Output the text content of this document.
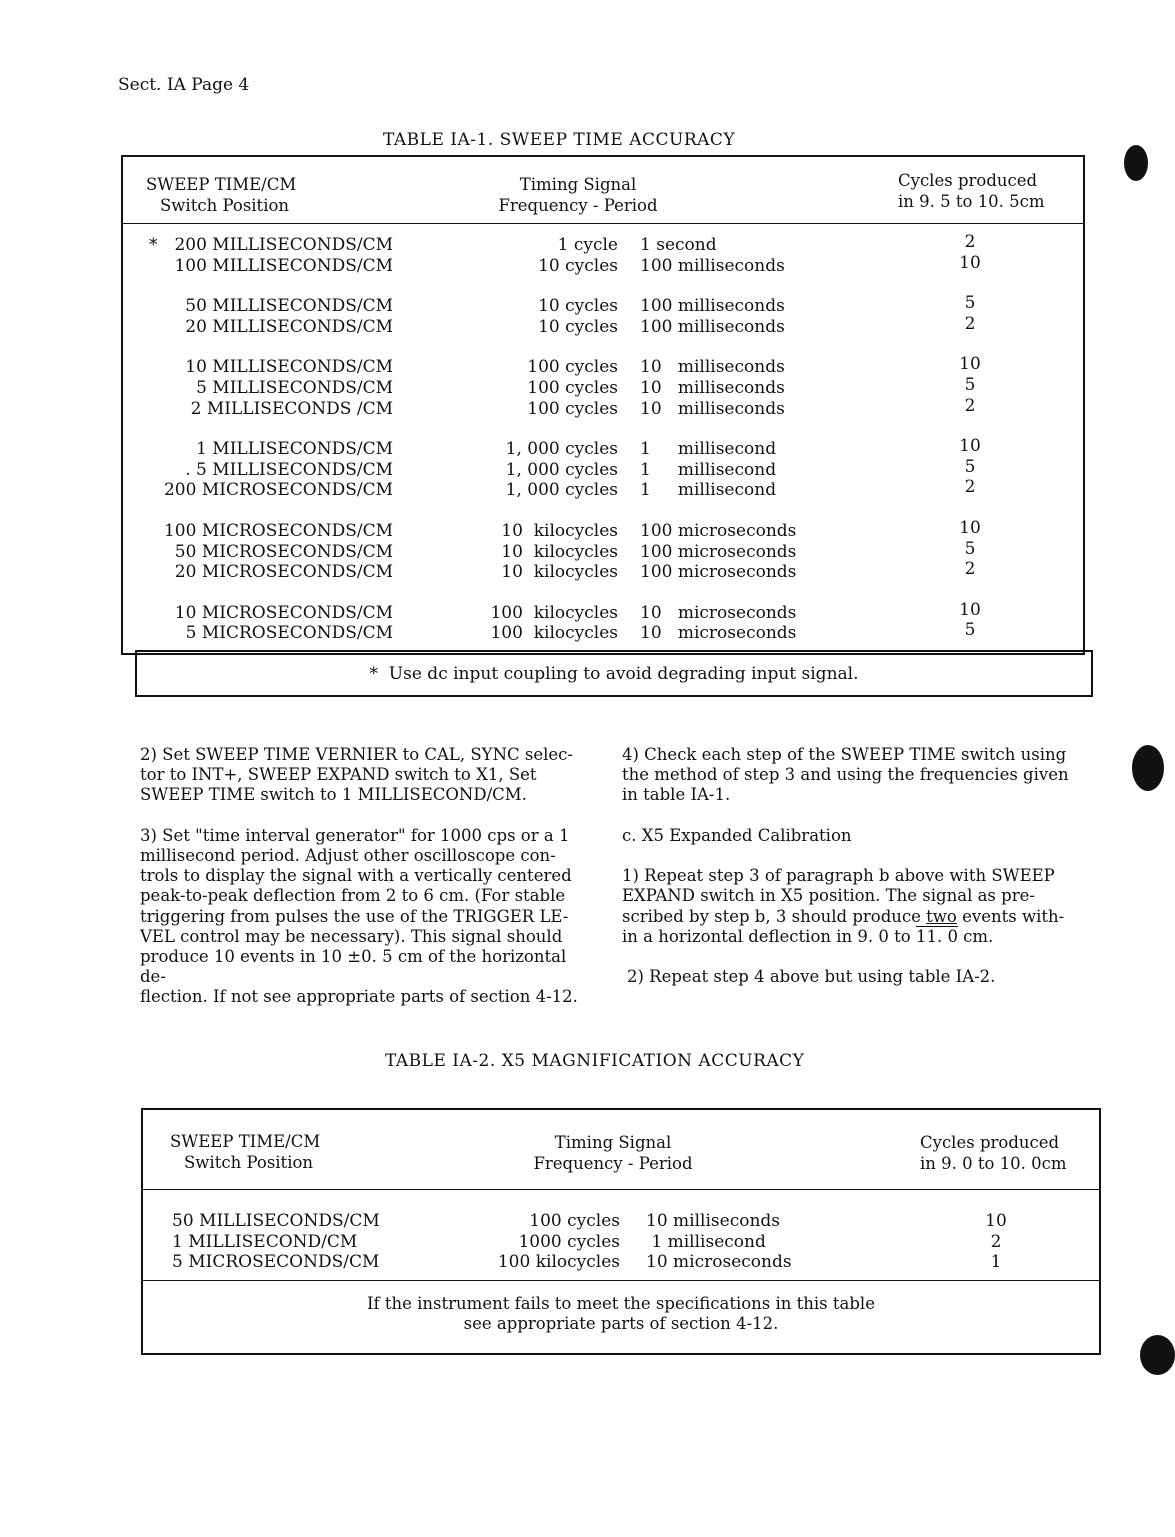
Sect. IA Page 4
TABLE IA-1. SWEEP TIME ACCURACY
SWEEP TIME/CM
Switch Position
Timing Signal
Frequency - Period
Cycles produced
in 9. 5 to 10. 5cm
* 200 MILLISECONDS/CM	1 cycle 1 second	2
100 MILLISECONDS/CM	10 cycles 100 milliseconds	10
50 MILLISECONDS/CM	10 cycles 100 milliseconds	5
20 MILLISECONDS/CM	10 cycles 100 milliseconds	2
10 MILLISECONDS/CM	100 cycles 10   milliseconds	10
5 MILLISECONDS/CM	100 cycles 10   milliseconds	5
2 MILLISECONDS /CM	100 cycles 10   milliseconds	2
1 MILLISECONDS/CM	1, 000 cycles 1     millisecond	10
. 5 MILLISECONDS/CM	1, 000 cycles 1     millisecond	5
200 MICROSECONDS/CM	1, 000 cycles 1     millisecond	2
100 MICROSECONDS/CM	10  kilocycles 100 microseconds	10
50 MICROSECONDS/CM	10  kilocycles 100 microseconds	5
20 MICROSECONDS/CM	10  kilocycles 100 microseconds	2
10 MICROSECONDS/CM	100  kilocycles 10   microseconds	10
5 MICROSECONDS/CM	100  kilocycles 10   microseconds	5
*  Use dc input coupling to avoid degrading input signal.

2) Set SWEEP TIME VERNIER to CAL, SYNC selec-
tor to INT+, SWEEP EXPAND switch to X1, Set
SWEEP TIME switch to 1 MILLISECOND/CM.

3) Set "time interval generator" for 1000 cps or a 1
millisecond period. Adjust other oscilloscope con-
trols to display the signal with a vertically centered
peak-to-peak deflection from 2 to 6 cm. (For stable
triggering from pulses the use of the TRIGGER LE-
VEL control may be necessary). This signal should
produce 10 events in 10 ±0. 5 cm of the horizontal de-
flection. If not see appropriate parts of section 4-12.

4) Check each step of the SWEEP TIME switch using
the method of step 3 and using the frequencies given
in table IA-1.

c. X5 Expanded Calibration

1) Repeat step 3 of paragraph b above with SWEEP
EXPAND switch in X5 position. The signal as pre-
scribed by step b, 3 should produce two events with-
in a horizontal deflection in 9. 0 to 11. 0 cm.

2) Repeat step 4 above but using table IA-2.

TABLE IA-2. X5 MAGNIFICATION ACCURACY
SWEEP TIME/CM
Switch Position
Timing Signal
Frequency - Period
Cycles produced
in 9. 0 to 10. 0cm
50 MILLISECONDS/CM	100 cycles 10 milliseconds	10
1 MILLISECOND/CM	1000 cycles 1 millisecond	2
5 MICROSECONDS/CM	100 kilocycles 10 microseconds	1
If the instrument fails to meet the specifications in this table
see appropriate parts of section 4-12.
